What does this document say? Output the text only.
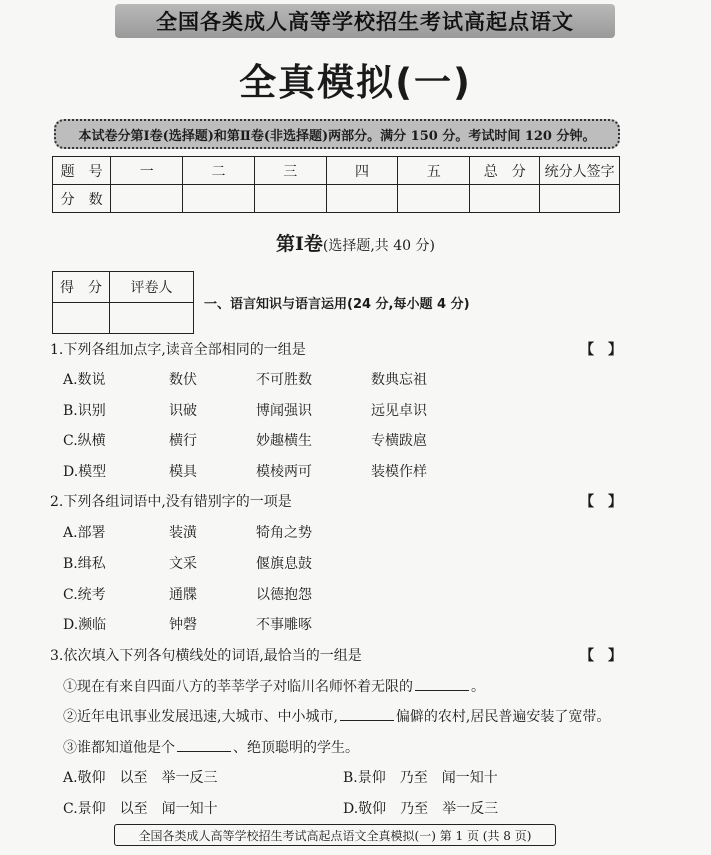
全国各类成人高等学校招生考试高起点语文
全真模拟(一)
本试卷分第Ⅰ卷(选择题)和第Ⅱ卷(非选择题)两部分。满分 150 分。考试时间 120 分钟。
题　号	一	二	三	四	五	总　分	统分人签字
分　数							
第Ⅰ卷(选择题,共 40 分)
得　分	评卷人

一、语言知识与语言运用(24 分,每小题 4 分)
1.下列各组加点字,读音全部相同的一组是	【　】
A.数说	数伏	不可胜数	数典忘祖
B.识别	识破	博闻强识	远见卓识
C.纵横	横行	妙趣横生	专横跋扈
D.模型	模具	模棱两可	装模作样
2.下列各组词语中,没有错别字的一项是	【　】
A.部署	装潢	犄角之势
B.缉私	文采	偃旗息鼓
C.统考	通牒	以德抱怨
D.濒临	钟磬	不事雕啄
3.依次填入下列各句横线处的词语,最恰当的一组是	【　】
①现在有来自四面八方的莘莘学子对临川名师怀着无限的	。
②近年电讯事业发展迅速,大城市、中小城市,	偏僻的农村,居民普遍安装了宽带。
③谁都知道他是个	、绝顶聪明的学生。
A.敬仰　以至　举一反三	B.景仰　乃至　闻一知十
C.景仰　以至　闻一知十	D.敬仰　乃至　举一反三
全国各类成人高等学校招生考试高起点语文全真模拟(一) 第 1 页 (共 8 页)
